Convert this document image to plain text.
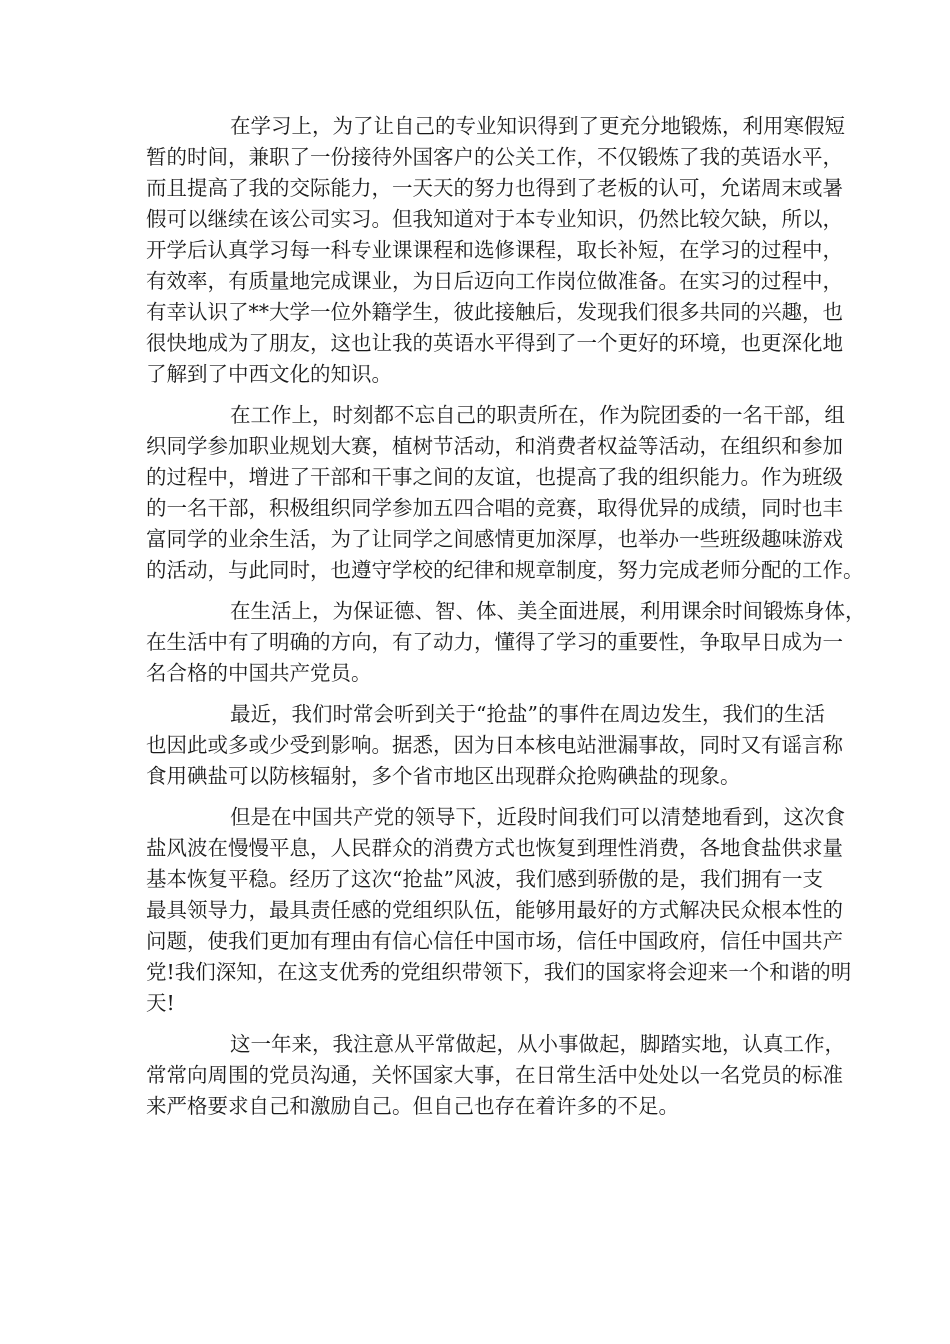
在学习上，为了让自己的专业知识得到了更充分地锻炼，利用寒假短
暂的时间，兼职了一份接待外国客户的公关工作，不仅锻炼了我的英语水平，
而且提高了我的交际能力，一天天的努力也得到了老板的认可，允诺周末或暑
假可以继续在该公司实习。但我知道对于本专业知识，仍然比较欠缺，所以，
开学后认真学习每一科专业课课程和选修课程，取长补短，在学习的过程中，
有效率，有质量地完成课业，为日后迈向工作岗位做准备。在实习的过程中，
有幸认识了**大学一位外籍学生，彼此接触后，发现我们很多共同的兴趣，也
很快地成为了朋友，这也让我的英语水平得到了一个更好的环境，也更深化地
了解到了中西文化的知识。

在工作上，时刻都不忘自己的职责所在，作为院团委的一名干部，组
织同学参加职业规划大赛，植树节活动，和消费者权益等活动，在组织和参加
的过程中，增进了干部和干事之间的友谊，也提高了我的组织能力。作为班级
的一名干部，积极组织同学参加五四合唱的竞赛，取得优异的成绩，同时也丰
富同学的业余生活，为了让同学之间感情更加深厚，也举办一些班级趣味游戏
的活动，与此同时，也遵守学校的纪律和规章制度，努力完成老师分配的工作。

在生活上，为保证德、智、体、美全面进展，利用课余时间锻炼身体，
在生活中有了明确的方向，有了动力，懂得了学习的重要性，争取早日成为一
名合格的中国共产党员。

最近，我们时常会听到关于“抢盐”的事件在周边发生，我们的生活
也因此或多或少受到影响。据悉，因为日本核电站泄漏事故，同时又有谣言称
食用碘盐可以防核辐射，多个省市地区出现群众抢购碘盐的现象。

但是在中国共产党的领导下，近段时间我们可以清楚地看到，这次食
盐风波在慢慢平息，人民群众的消费方式也恢复到理性消费，各地食盐供求量
基本恢复平稳。经历了这次“抢盐”风波，我们感到骄傲的是，我们拥有一支
最具领导力，最具责任感的党组织队伍，能够用最好的方式解决民众根本性的
问题，使我们更加有理由有信心信任中国市场，信任中国政府，信任中国共产
党!我们深知，在这支优秀的党组织带领下，我们的国家将会迎来一个和谐的明
天!

这一年来，我注意从平常做起，从小事做起，脚踏实地，认真工作，
常常向周围的党员沟通，关怀国家大事，在日常生活中处处以一名党员的标准
来严格要求自己和激励自己。但自己也存在着许多的不足。
